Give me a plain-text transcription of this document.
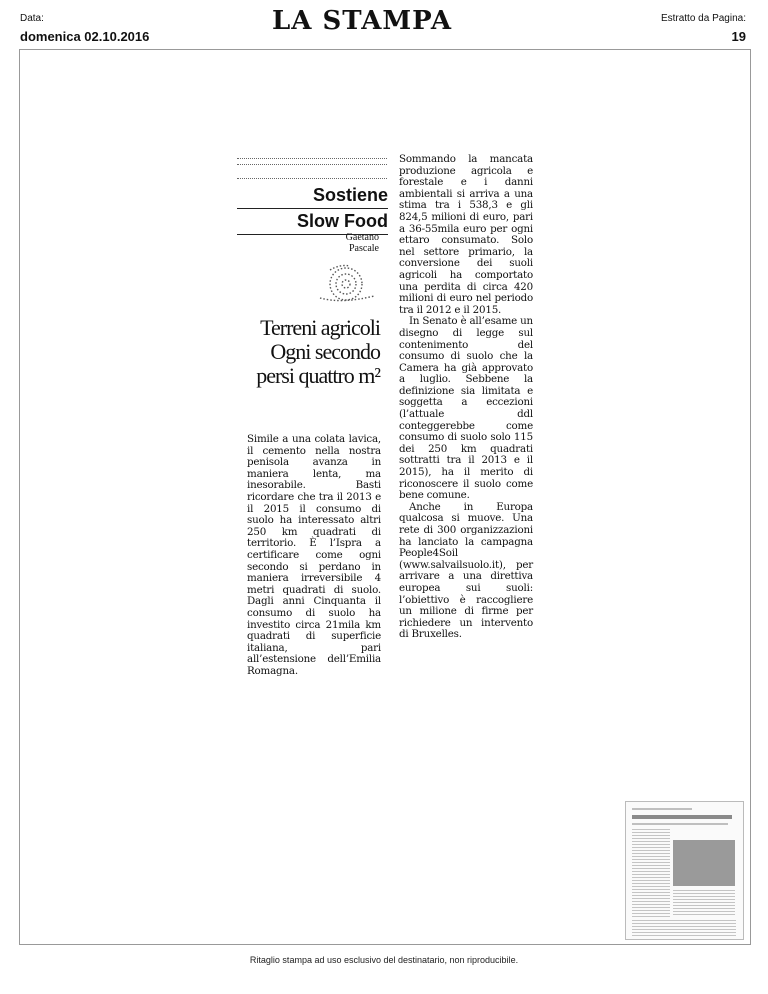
Data:
domenica 02.10.2016
LA STAMPA	Estratto da Pagina:
19
Sostiene
Slow Food
Gaetano
Pascale
Terreni agricoli
Ogni secondo
persi quattro m²

Simile a una colata lavica, il cemento nella nostra penisola avanza in maniera lenta, ma inesorabile. Basti ricordare che tra il 2013 e il 2015 il consumo di suolo ha interessato altri 250 km quadrati di territorio. È l’Ispra a certificare come ogni secondo si perdano in maniera irreversibile 4 metri quadrati di suolo. Dagli anni Cinquanta il consumo di suolo ha investito circa 21mila km quadrati di superficie italiana, pari all’estensione dell’Emilia Romagna.

Sommando la mancata produzione agricola e forestale e i danni ambientali si arriva a una stima tra i 538,3 e gli 824,5 milioni di euro, pari a 36-55mila euro per ogni ettaro consumato. Solo nel settore primario, la conversione dei suoli agricoli ha comportato una perdita di circa 420 milioni di euro nel periodo tra il 2012 e il 2015.

In Senato è all’esame un disegno di legge sul contenimento del consumo di suolo che la Camera ha già approvato a luglio. Sebbene la definizione sia limitata e soggetta a eccezioni (l’attuale ddl conteggerebbe come consumo di suolo solo 115 dei 250 km quadrati sottratti tra il 2013 e il 2015), ha il merito di riconoscere il suolo come bene comune.

Anche in Europa qualcosa si muove. Una rete di 300 organizzazioni ha lanciato la campagna People4Soil (www.salvailsuolo.it), per arrivare a una direttiva europea sui suoli: l’obiettivo è raccogliere un milione di firme per richiedere un intervento di Bruxelles.

Ritaglio stampa ad uso esclusivo del destinatario, non riproducibile.
